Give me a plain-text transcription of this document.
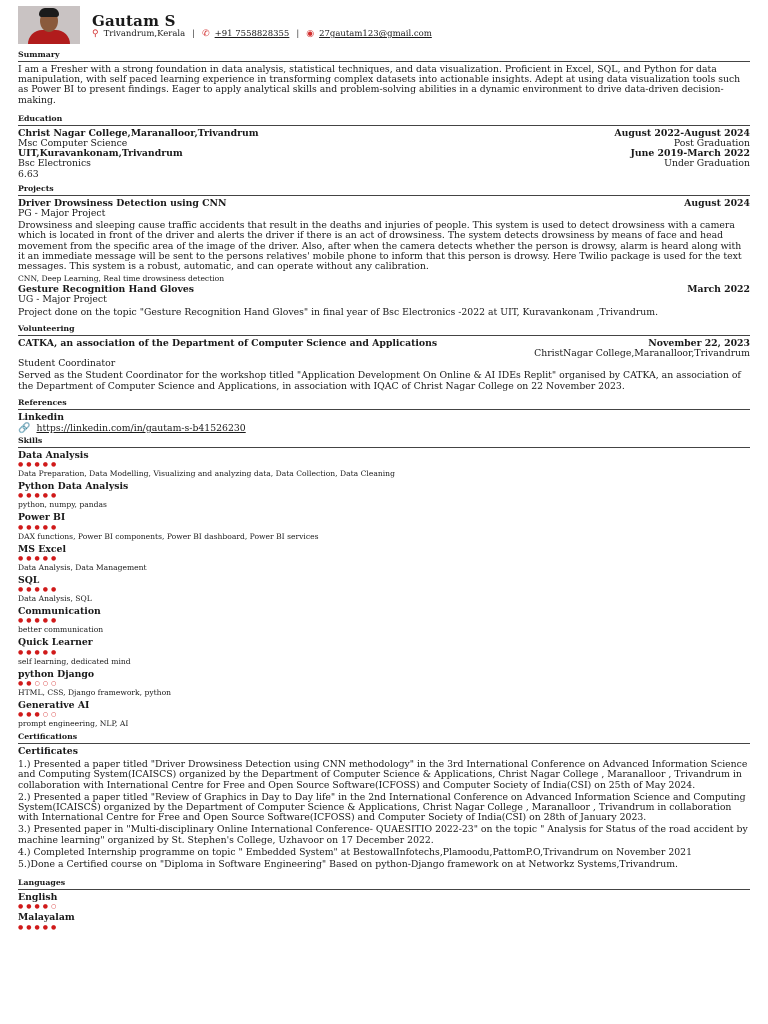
Gautam S
⚲ Trivandrum,Kerala | ✆ +91 7558828355 | ◉ 27gautam123@gmail.com
Summary
I am a Fresher with a strong foundation in data analysis, statistical techniques, and data visualization. Proficient in Excel, SQL, and Python for data manipulation, with self paced learning experience in transforming complex datasets into actionable insights. Adept at using data visualization tools such as Power BI to present findings. Eager to apply analytical skills and problem-solving abilities in a dynamic environment to drive data-driven decision-making.
Education
Christ Nagar College,Maranalloor,Trivandrum	August 2022-August 2024
Msc Computer Science	Post Graduation
UIT,Kuravankonam,Trivandrum	June 2019-March 2022
Bsc Electronics	Under Graduation
6.63
Projects
Driver Drowsiness Detection using CNN	August 2024
PG - Major Project
Drowsiness and sleeping cause traffic accidents that result in the deaths and injuries of people. This system is used to detect drowsiness with a camera which is located in front of the driver and alerts the driver if there is an act of drowsiness. The system detects drowsiness by means of face and head movement from the specific area of the image of the driver. Also, after when the camera detects whether the person is drowsy, alarm is heard along with it an immediate message will be sent to the persons relatives' mobile phone to inform that this person is drowsy. Here Twilio package is used for the text messages. This system is a robust, automatic, and can operate without any calibration.
CNN, Deep Learning, Real time drowsiness detection
Gesture Recognition Hand Gloves	March 2022
UG - Major Project
Project done on the topic "Gesture Recognition Hand Gloves" in final year of Bsc Electronics -2022 at UIT, Kuravankonam ,Trivandrum.
Volunteering
CATKA, an association of the Department of Computer Science and Applications	November 22, 2023
ChristNagar College,Maranalloor,Trivandrum
Student Coordinator
Served as the Student Coordinator for the workshop titled "Application Development On Online & AI IDEs Replit" organised by CATKA, an association of the Department of Computer Science and Applications, in association with IQAC of Christ Nagar College on 22 November 2023.
References
Linkedin
🔗 https://linkedin.com/in/gautam-s-b41526230
Skills
Data Analysis
●●●●●
Data Preparation, Data Modelling, Visualizing and analyzing data, Data Collection, Data Cleaning
Python Data Analysis
●●●●●
python, numpy, pandas
Power BI
●●●●●
DAX functions, Power BI components, Power BI dashboard, Power BI services
MS Excel
●●●●●
Data Analysis, Data Management
SQL
●●●●●
Data Analysis, SQL
Communication
●●●●●
better communication
Quick Learner
●●●●●
self learning, dedicated mind
python Django
●●○○○
HTML, CSS, Django framework, python
Generative AI
●●●○○
prompt engineering, NLP, AI
Certifications
Certificates
1.) Presented a paper titled "Driver Drowsiness Detection using CNN methodology" in the 3rd International Conference on Advanced Information Science and Computing System(ICAISCS) organized by the Department of Computer Science & Applications, Christ Nagar College , Maranalloor , Trivandrum in collaboration with International Centre for Free and Open Source Software(ICFOSS) and Computer Society of India(CSI) on 25th of May 2024.
2.) Presented a paper titled "Review of Graphics in Day to Day life" in the 2nd International Conference on Advanced Information Science and Computing System(ICAISCS) organized by the Department of Computer Science & Applications, Christ Nagar College , Maranalloor , Trivandrum in collaboration with International Centre for Free and Open Source Software(ICFOSS) and Computer Society of India(CSI) on 28th of January 2023.
3.) Presented paper in "Multi-disciplinary Online International Conference- QUAESITIO 2022-23" on the topic " Analysis for Status of the road accident by machine learning" organized by St. Stephen's College, Uzhavoor on 17 December 2022.
4.) Completed Internship programme on topic " Embedded System" at BestowalInfotechs,Plamoodu,PattomP.O,Trivandrum on November 2021
5.)Done a Certified course on "Diploma in Software Engineering" Based on python-Django framework on at Networkz Systems,Trivandrum.
Languages
English
●●●●○
Malayalam
●●●●●
